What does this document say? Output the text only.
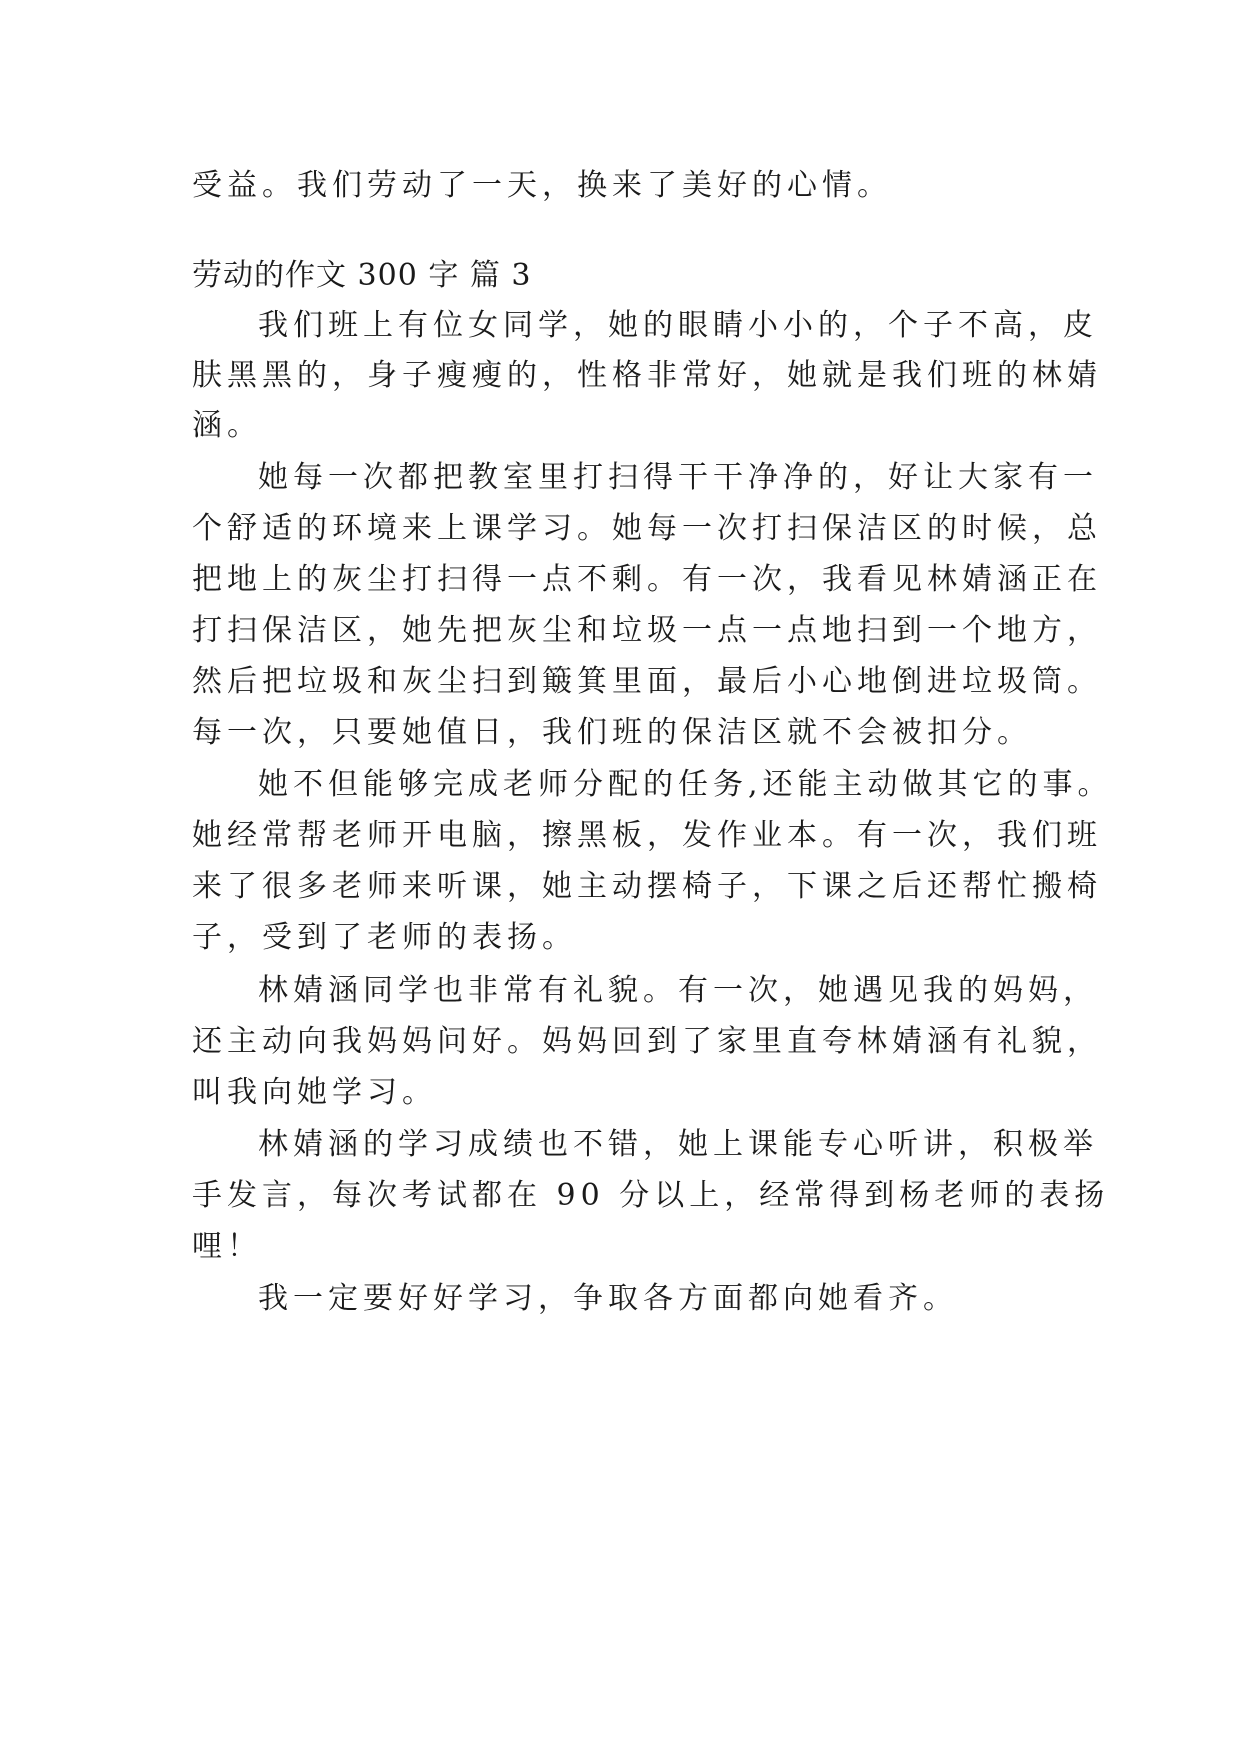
受益。我们劳动了一天，换来了美好的心情。
劳动的作文 300 字 篇 3
我们班上有位女同学，她的眼睛小小的，个子不高，皮
肤黑黑的，身子瘦瘦的，性格非常好，她就是我们班的林婧
涵。
她每一次都把教室里打扫得干干净净的，好让大家有一
个舒适的环境来上课学习。她每一次打扫保洁区的时候，总
把地上的灰尘打扫得一点不剩。有一次，我看见林婧涵正在
打扫保洁区，她先把灰尘和垃圾一点一点地扫到一个地方，
然后把垃圾和灰尘扫到簸箕里面，最后小心地倒进垃圾筒。
每一次，只要她值日，我们班的保洁区就不会被扣分。
她不但能够完成老师分配的任务,还能主动做其它的事。
她经常帮老师开电脑，擦黑板，发作业本。有一次，我们班
来了很多老师来听课，她主动摆椅子，下课之后还帮忙搬椅
子，受到了老师的表扬。
林婧涵同学也非常有礼貌。有一次，她遇见我的妈妈，
还主动向我妈妈问好。妈妈回到了家里直夸林婧涵有礼貌，
叫我向她学习。
林婧涵的学习成绩也不错，她上课能专心听讲，积极举
手发言，每次考试都在 90 分以上，经常得到杨老师的表扬
哩！
我一定要好好学习，争取各方面都向她看齐。
